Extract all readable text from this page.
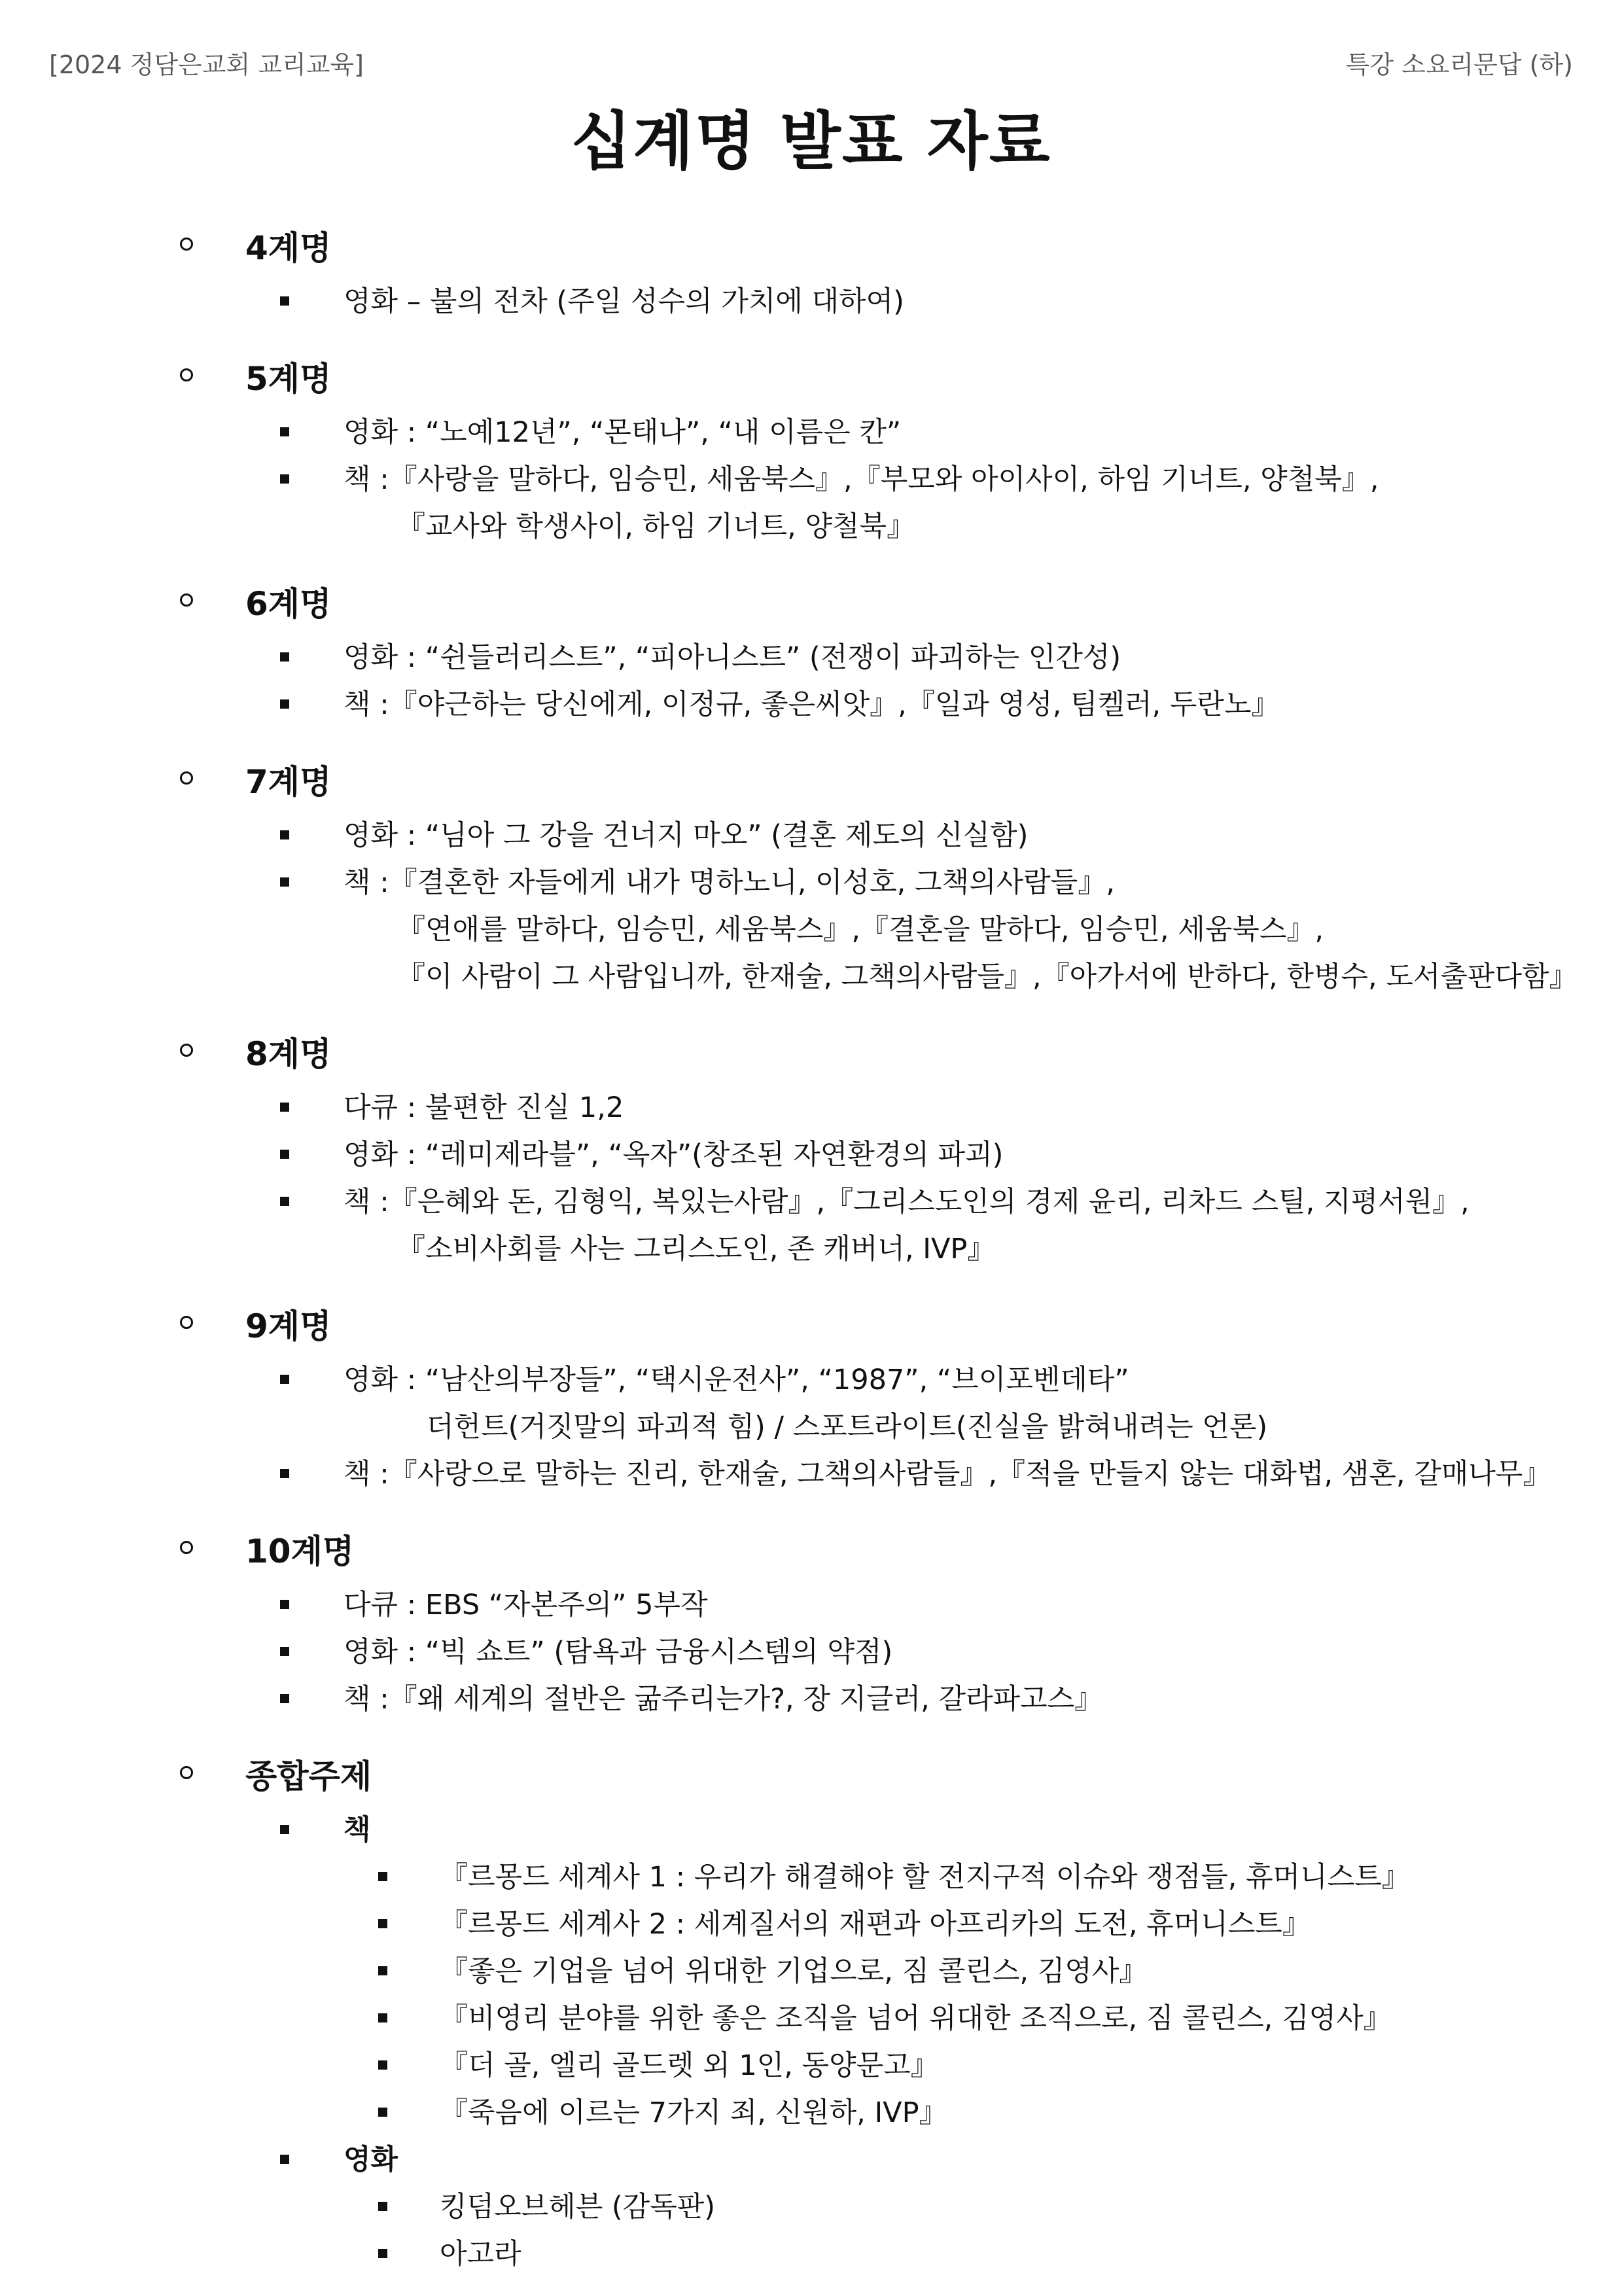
[2024 정담은교회 교리교육]	특강 소요리문답 (하)
십계명 발표 자료
4계명
영화 – 불의 전차 (주일 성수의 가치에 대하여)
5계명
영화 : “노예12년”, “몬태나”, “내 이름은 칸”
책 :『사랑을 말하다, 임승민, 세움북스』,『부모와 아이사이, 하임 기너트, 양철북』,
『교사와 학생사이, 하임 기너트, 양철북』
6계명
영화 : “쉰들러리스트”, “피아니스트” (전쟁이 파괴하는 인간성)
책 :『야근하는 당신에게, 이정규, 좋은씨앗』,『일과 영성, 팀켈러, 두란노』
7계명
영화 : “님아 그 강을 건너지 마오” (결혼 제도의 신실함)
책 :『결혼한 자들에게 내가 명하노니, 이성호, 그책의사람들』,
『연애를 말하다, 임승민, 세움북스』,『결혼을 말하다, 임승민, 세움북스』,
『이 사람이 그 사람입니까, 한재술, 그책의사람들』,『아가서에 반하다, 한병수, 도서출판다함』
8계명
다큐 : 불편한 진실 1,2
영화 : “레미제라블”, “옥자”(창조된 자연환경의 파괴)
책 :『은혜와 돈, 김형익, 복있는사람』,『그리스도인의 경제 윤리, 리차드 스틸, 지평서원』,
『소비사회를 사는 그리스도인, 존 캐버너, IVP』
9계명
영화 : “남산의부장들”, “택시운전사”, “1987”, “브이포벤데타”
더헌트(거짓말의 파괴적 힘) / 스포트라이트(진실을 밝혀내려는 언론)
책 :『사랑으로 말하는 진리, 한재술, 그책의사람들』,『적을 만들지 않는 대화법, 샘혼, 갈매나무』
10계명
다큐 : EBS “자본주의” 5부작
영화 : “빅 쇼트” (탐욕과 금융시스템의 약점)
책 :『왜 세계의 절반은 굶주리는가?, 장 지글러, 갈라파고스』
종합주제
책
『르몽드 세계사 1 : 우리가 해결해야 할 전지구적 이슈와 쟁점들, 휴머니스트』
『르몽드 세계사 2 : 세계질서의 재편과 아프리카의 도전, 휴머니스트』
『좋은 기업을 넘어 위대한 기업으로, 짐 콜린스, 김영사』
『비영리 분야를 위한 좋은 조직을 넘어 위대한 조직으로, 짐 콜린스, 김영사』
『더 골, 엘리 골드렛 외 1인, 동양문고』
『죽음에 이르는 7가지 죄, 신원하, IVP』
영화
킹덤오브헤븐 (감독판)
아고라
